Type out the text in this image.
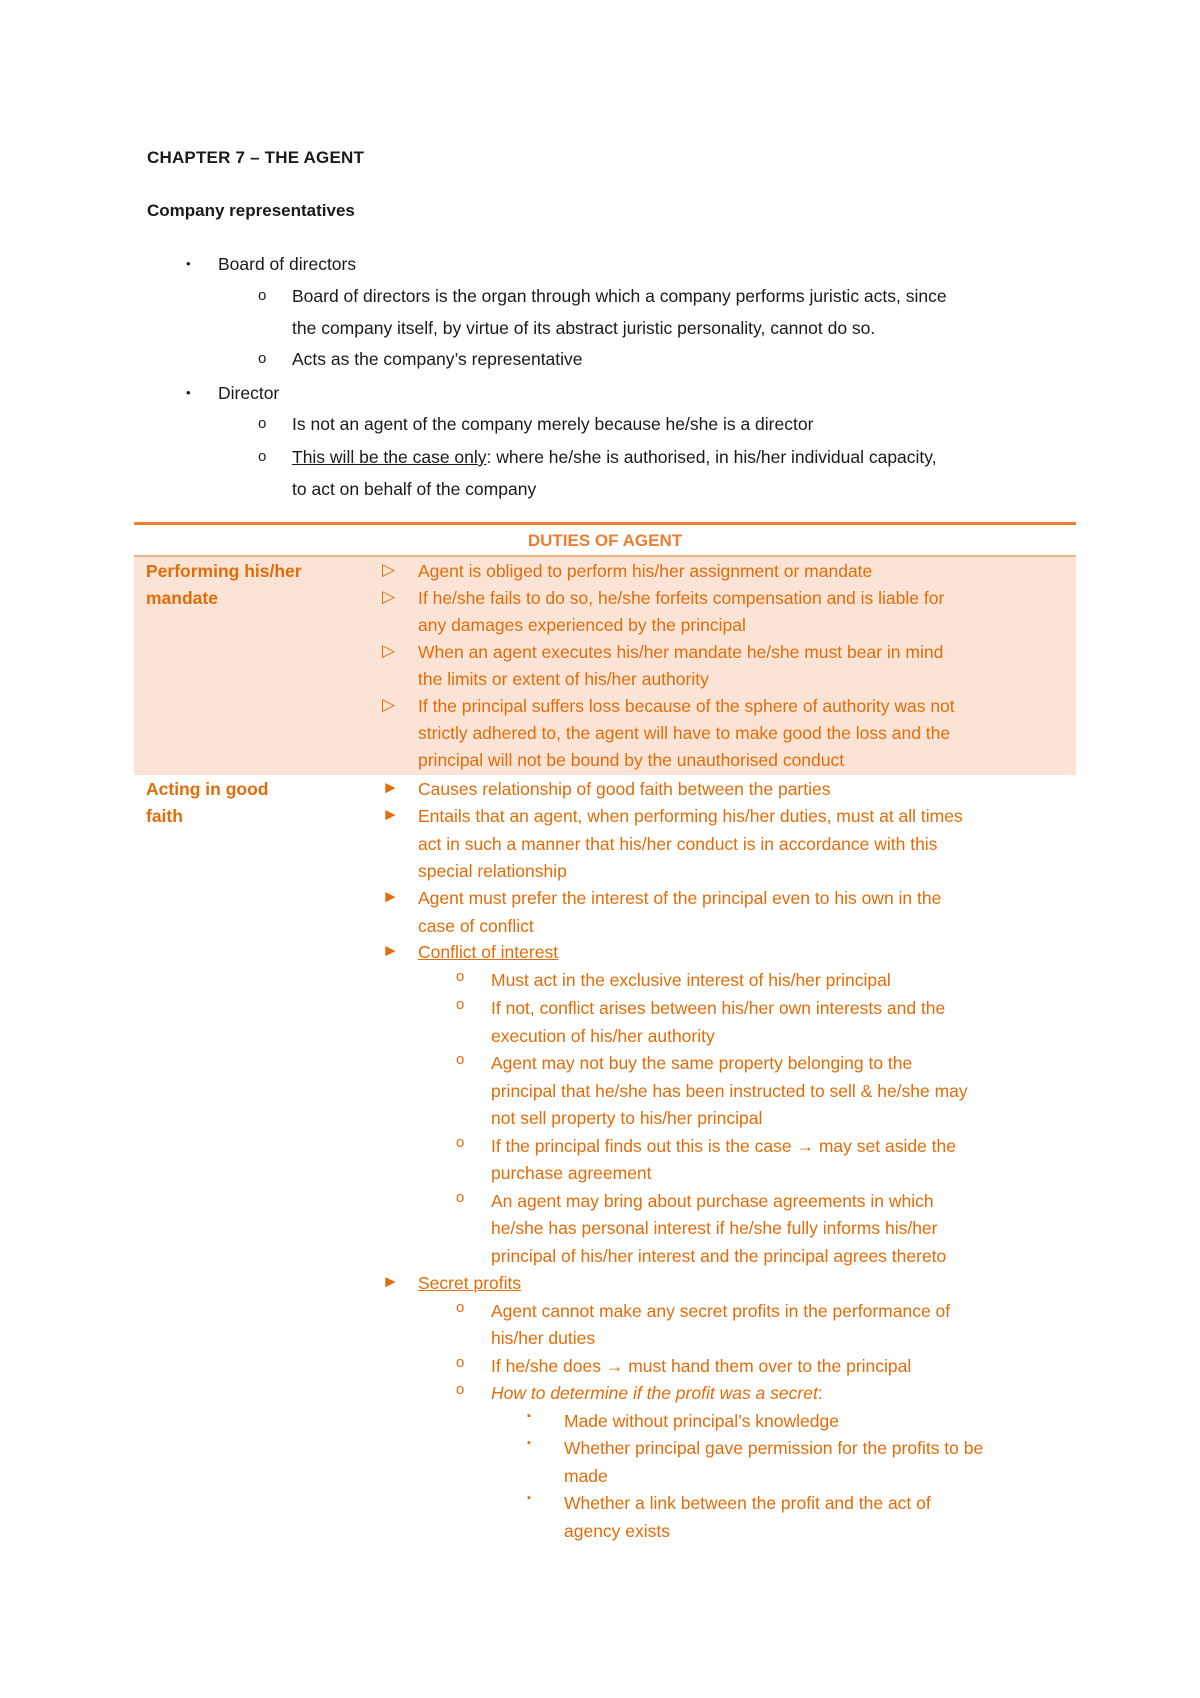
CHAPTER 7 – THE AGENT
Company representatives
• Board of directors
o Board of directors is the organ through which a company performs juristic acts, since
the company itself, by virtue of its abstract juristic personality, cannot do so.
o Acts as the company’s representative
• Director
o Is not an agent of the company merely because he/she is a director
o This will be the case only: where he/she is authorised, in his/her individual capacity,
to act on behalf of the company
DUTIES OF AGENT
Performing his/her
mandate
▷ Agent is obliged to perform his/her assignment or mandate
▷ If he/she fails to do so, he/she forfeits compensation and is liable for
any damages experienced by the principal
▷ When an agent executes his/her mandate he/she must bear in mind
the limits or extent of his/her authority
▷ If the principal suffers loss because of the sphere of authority was not
strictly adhered to, the agent will have to make good the loss and the
principal will not be bound by the unauthorised conduct
Acting in good
faith
► Causes relationship of good faith between the parties
► Entails that an agent, when performing his/her duties, must at all times
act in such a manner that his/her conduct is in accordance with this
special relationship
► Agent must prefer the interest of the principal even to his own in the
case of conflict
► Conflict of interest
o Must act in the exclusive interest of his/her principal
o If not, conflict arises between his/her own interests and the
execution of his/her authority
o Agent may not buy the same property belonging to the
principal that he/she has been instructed to sell & he/she may
not sell property to his/her principal
o If the principal finds out this is the case → may set aside the
purchase agreement
o An agent may bring about purchase agreements in which
he/she has personal interest if he/she fully informs his/her
principal of his/her interest and the principal agrees thereto
► Secret profits
o Agent cannot make any secret profits in the performance of
his/her duties
o If he/she does → must hand them over to the principal
o How to determine if the profit was a secret:
▪ Made without principal’s knowledge
▪ Whether principal gave permission for the profits to be
made
▪ Whether a link between the profit and the act of
agency exists
